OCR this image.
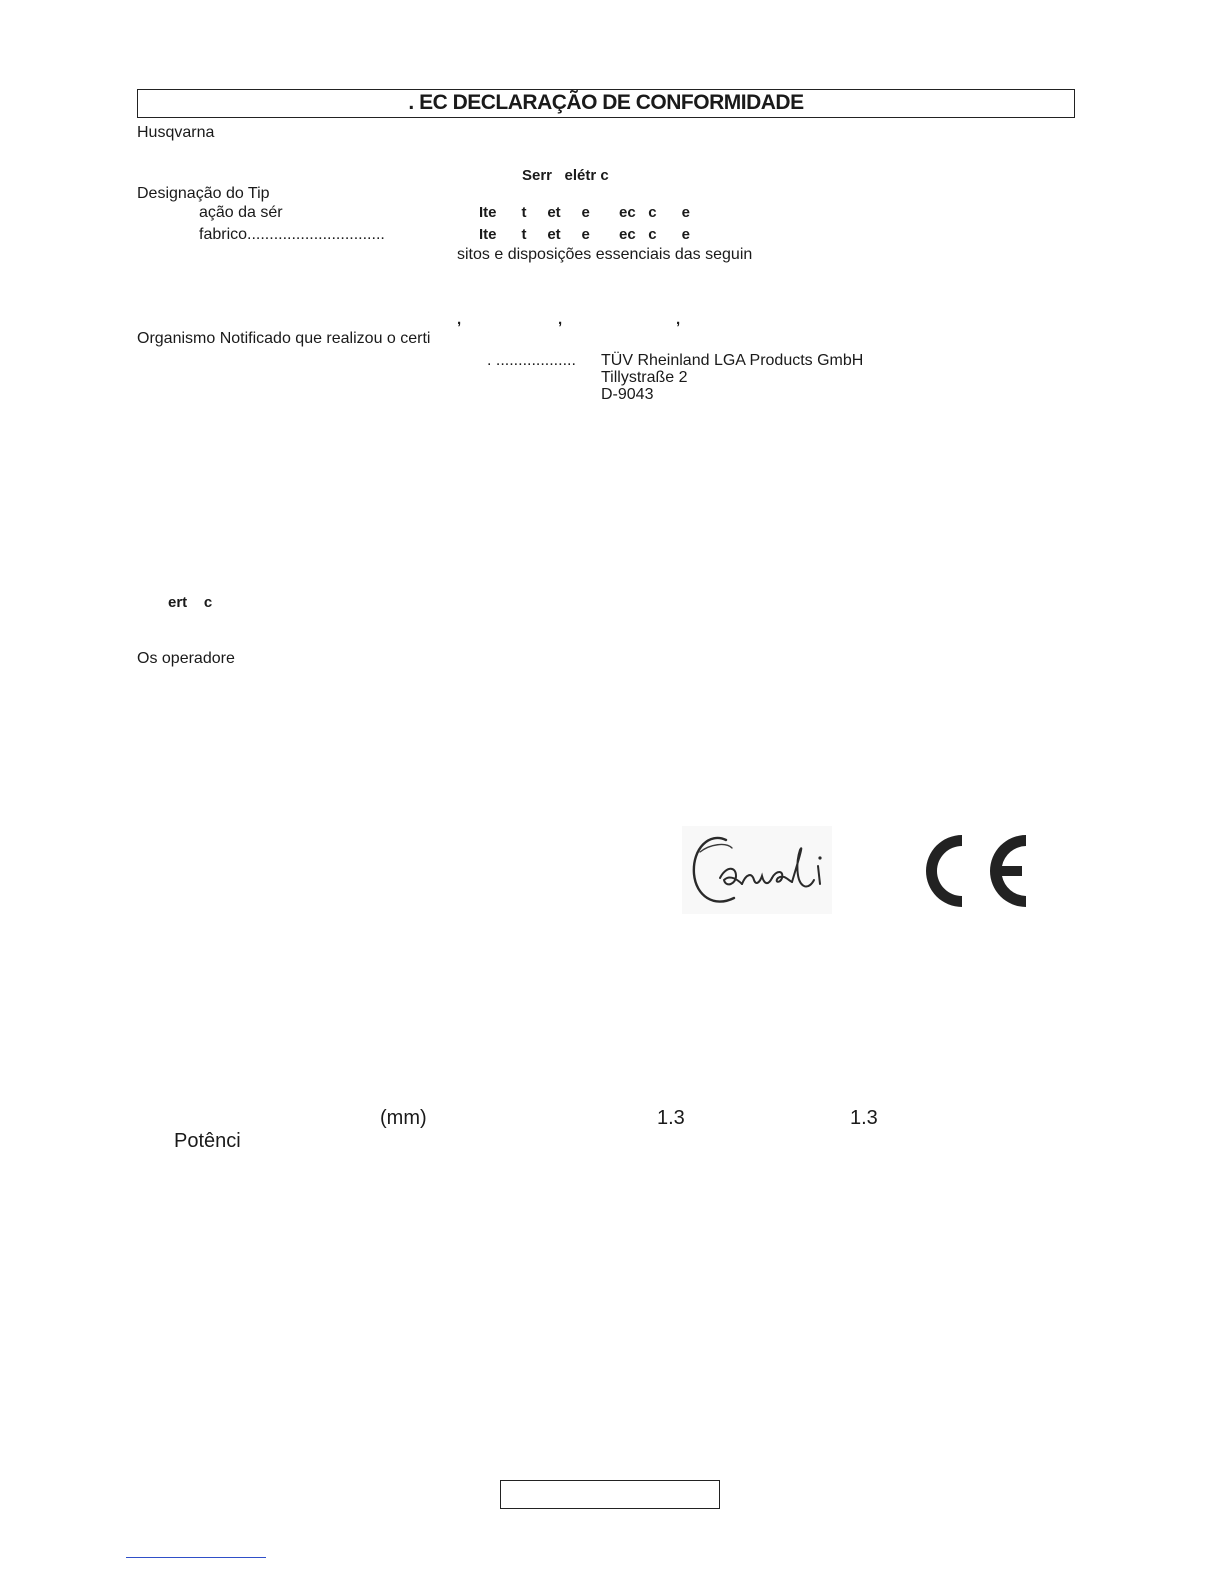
. EC DECLARAÇÃO DE CONFORMIDADE
Husqvarna
Serr   elétr c
Designação do Tip
ação da sér	Ite      t     et     e       ec   c      e
fabrico...............................	Ite      t     et     e       ec   c      e
sitos e disposições essenciais das seguin
,	,	,
Organismo Notificado que realizou o certi
. .................. TÜV Rheinland LGA Products GmbH
Tillystraße 2
D-9043
ert    c
Os operadore
(mm)	1.3	1.3
Potênci
